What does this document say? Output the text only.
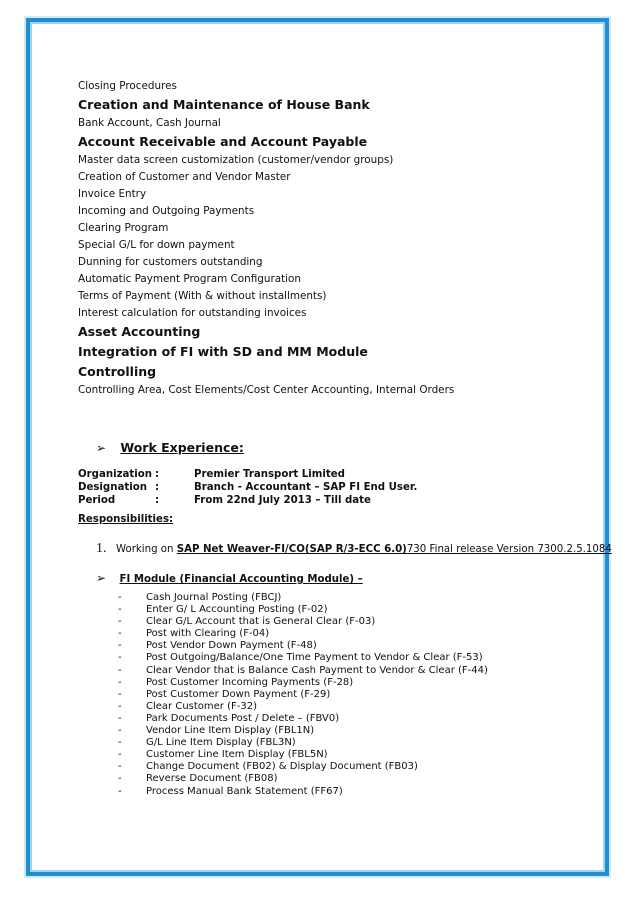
Closing Procedures

Creation and Maintenance of House Bank

Bank Account, Cash Journal

Account Receivable and Account Payable

Master data screen customization (customer/vendor groups)

Creation of Customer and Vendor Master

Invoice Entry

Incoming and Outgoing Payments

Clearing Program

Special G/L for down payment

Dunning for customers outstanding

Automatic Payment Program Configuration

Terms of Payment (With & without installments)

Interest calculation for outstanding invoices

Asset Accounting

Integration of FI with SD and MM Module

Controlling

Controlling Area, Cost Elements/Cost Center Accounting, Internal Orders

➢ Work Experience:
Organization :	Premier Transport Limited
Designation :	Branch - Accountant – SAP FI End User.
Period	:	From 22nd July 2013 – Till date
Responsibilities:
1. Working on
SAP Net Weaver-FI/CO(SAP R/3-ECC 6.0) 730 Final release Version 7300.2.5.1084
➢ FI Module (Financial Accounting Module) –
-	Cash Journal Posting (FBCJ)
-	Enter G/ L Accounting Posting (F-02)
-	Clear G/L Account that is General Clear (F-03)
-	Post with Clearing (F-04)
-	Post Vendor Down Payment (F-48)
-	Post Outgoing/Balance/One Time Payment to Vendor & Clear (F-53)
-	Clear Vendor that is Balance Cash Payment to Vendor & Clear (F-44)
-	Post Customer Incoming Payments (F-28)
-	Post Customer Down Payment (F-29)
-	Clear Customer (F-32)
-	Park Documents Post / Delete – (FBV0)
-	Vendor Line Item Display (FBL1N)
-	G/L Line Item Display (FBL3N)
-	Customer Line Item Display (FBL5N)
-	Change Document (FB02) & Display Document (FB03)
-	Reverse Document (FB08)
-	Process Manual Bank Statement (FF67)
